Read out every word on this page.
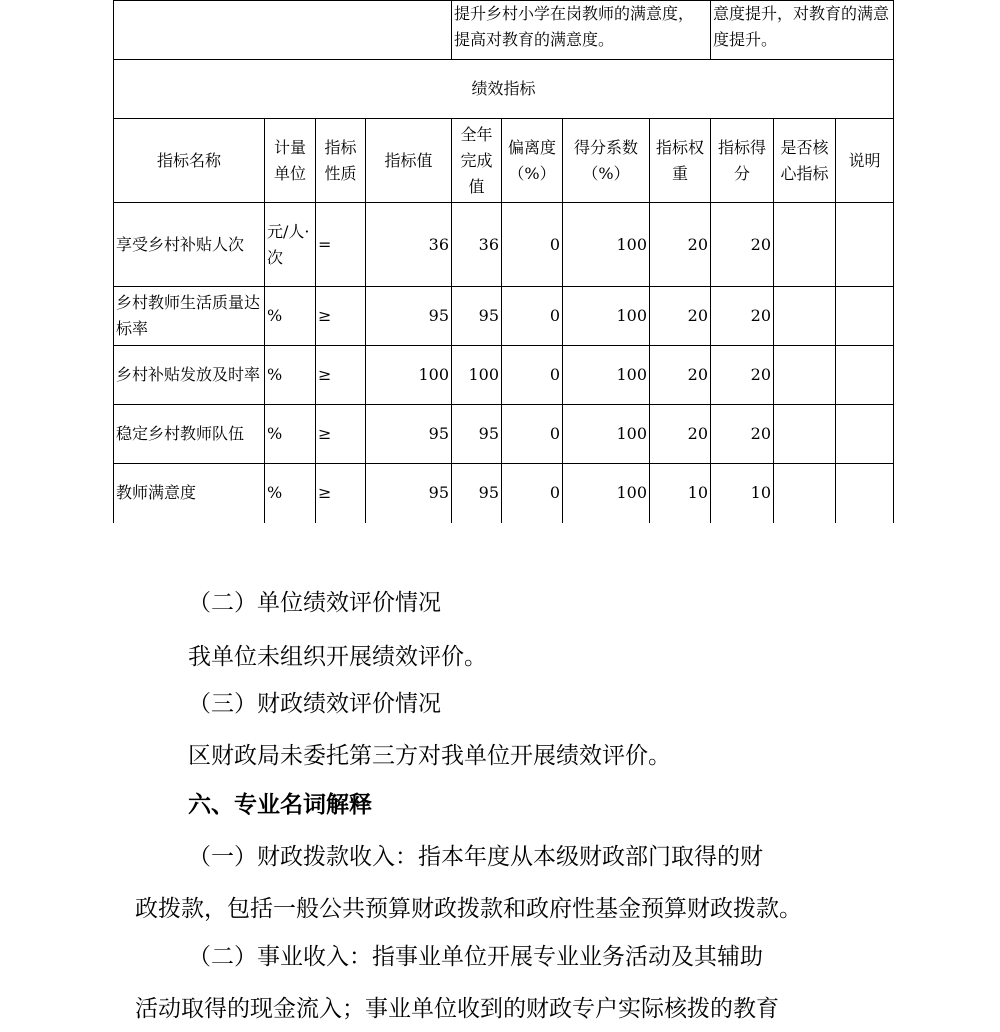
				提升乡村小学在岗教师的满意度，提高对教育的满意度。				意度提升，对教育的满意度提升。		
绩效指标										
指标名称	计量单位	指标性质	指标值	全年完成值	偏离度（%）	得分系数（%）	指标权重	指标得分	是否核心指标	说明
享受乡村补贴人次	元/人·次	=	36	36	0	100	20	20		
乡村教师生活质量达标率	%	≥	95	95	0	100	20	20		
乡村补贴发放及时率	%	≥	100	100	0	100	20	20		
稳定乡村教师队伍	%	≥	95	95	0	100	20	20		
教师满意度	%	≥	95	95	0	100	10	10		
（二）单位绩效评价情况
我单位未组织开展绩效评价。
（三）财政绩效评价情况
区财政局未委托第三方对我单位开展绩效评价。
六、专业名词解释
（一）财政拨款收入：指本年度从本级财政部门取得的财
政拨款，包括一般公共预算财政拨款和政府性基金预算财政拨款。
（二）事业收入：指事业单位开展专业业务活动及其辅助
活动取得的现金流入；事业单位收到的财政专户实际核拨的教育
